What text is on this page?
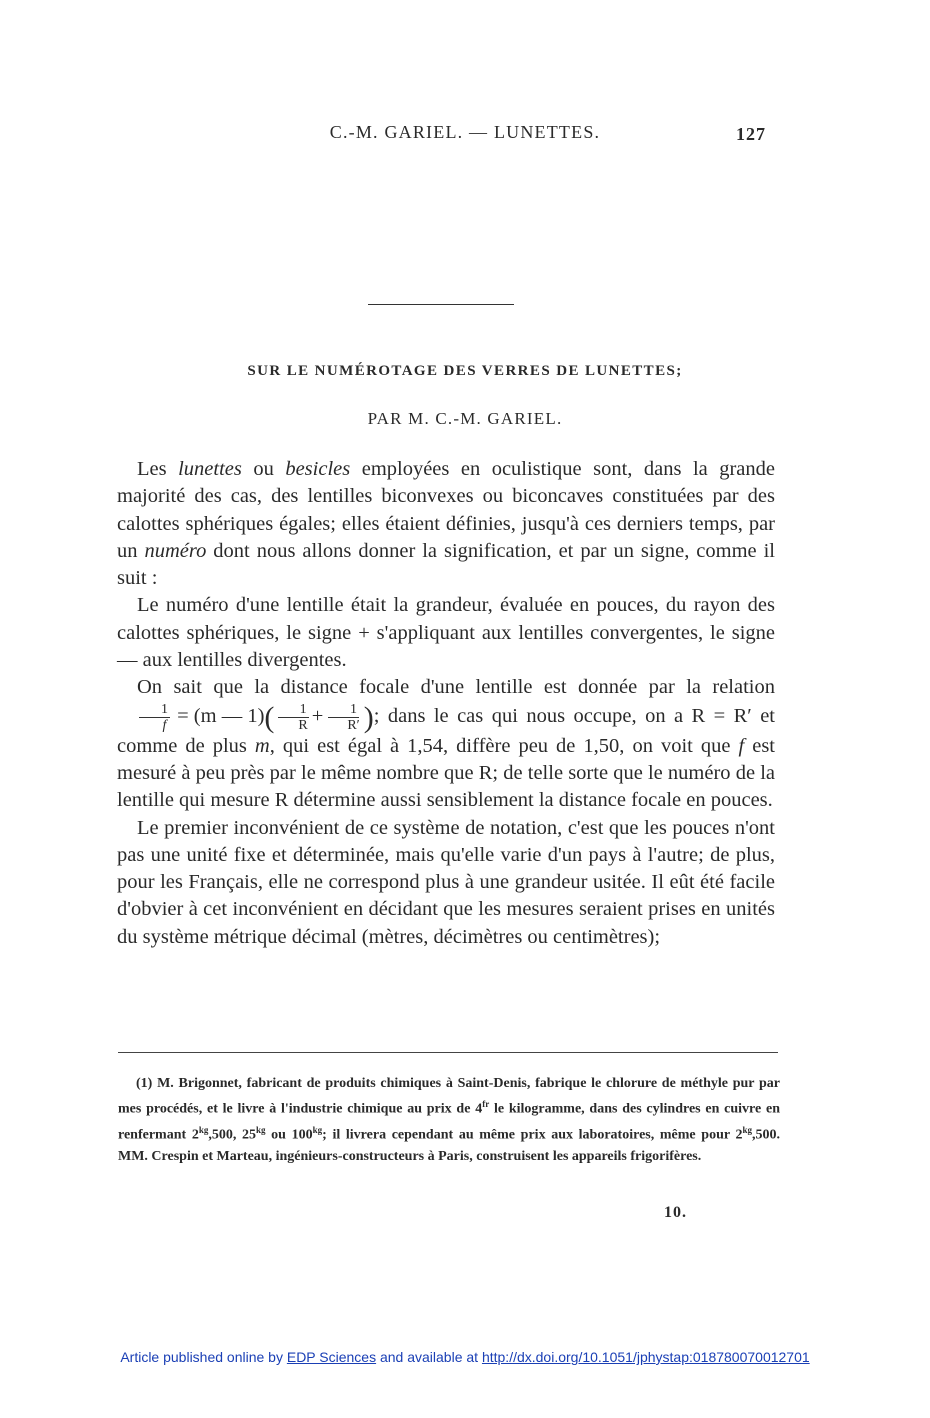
C.-M. GARIEL. — LUNETTES.	127
SUR LE NUMÉROTAGE DES VERRES DE LUNETTES;
PAR M. C.-M. GARIEL.

Les lunettes ou besicles employées en oculistique sont, dans la grande majorité des cas, des lentilles biconvexes ou biconcaves constituées par des calottes sphériques égales; elles étaient définies, jusqu'à ces derniers temps, par un numéro dont nous allons donner la signification, et par un signe, comme il suit :

Le numéro d'une lentille était la grandeur, évaluée en pouces, du rayon des calottes sphériques, le signe + s'appliquant aux lentilles convergentes, le signe — aux lentilles divergentes.

On sait que la distance focale d'une lentille est donnée par la relation
$\frac{1}{f} = (m$ — $1)( \frac{1}{R} + \frac{1}{R'}$ ); dans le cas qui nous occupe, on a R = R′ et comme de plus m, qui est égal à 1,54, diffère peu de 1,50, on voit que f est mesuré à peu près par le même nombre que R; de telle sorte que le numéro de la lentille qui mesure R détermine aussi sensiblement la distance focale en pouces.

Le premier inconvénient de ce système de notation, c'est que les pouces n'ont pas une unité fixe et déterminée, mais qu'elle varie d'un pays à l'autre; de plus, pour les Français, elle ne correspond plus à une grandeur usitée. Il eût été facile d'obvier à cet inconvénient en décidant que les mesures seraient prises en unités du système métrique décimal (mètres, décimètres ou centimètres);

(1) M. Brigonnet, fabricant de produits chimiques à Saint-Denis, fabrique le chlorure de méthyle pur par mes procédés, et le livre à l'industrie chimique au prix de $4^{fr}$ le kilogramme, dans des cylindres en cuivre en renfermant $2^{kg},500$, $25^{kg}$ ou $100^{kg}$; il livrera cependant au même prix aux laboratoires, même pour $2^{kg},500$. MM. Crespin et Marteau, ingénieurs-constructeurs à Paris, construisent les appareils frigorifères.

10.
Article published online by EDP Sciences and available at http://dx.doi.org/10.1051/jphystap:018780070012701
